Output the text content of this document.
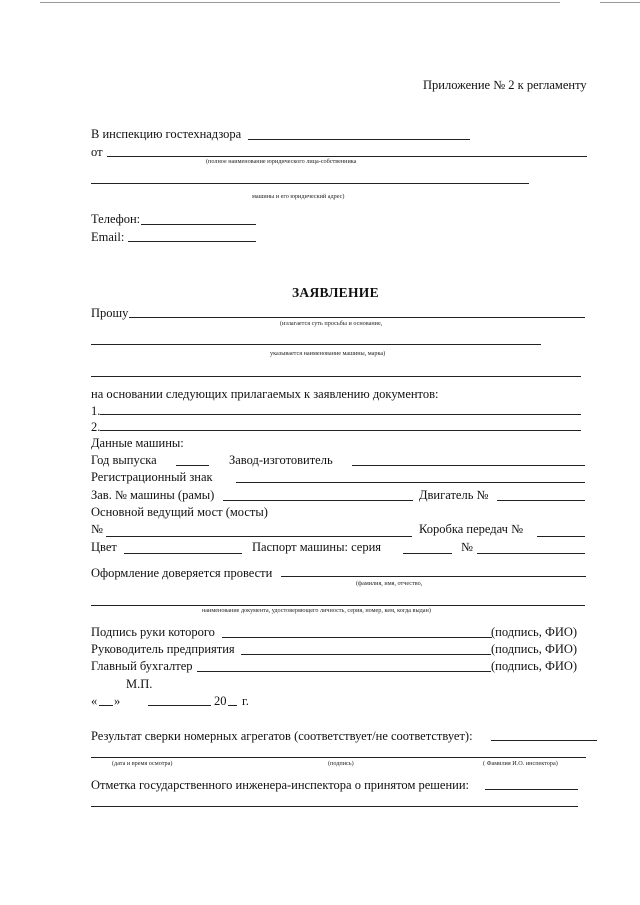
Приложение № 2 к регламенту
В инспекцию гостехнадзора
от
(полное наименование юридического лица-собственника
машины и его юридический адрес)
Телефон:
Email:
ЗАЯВЛЕНИЕ
Прошу
(излагается суть просьбы и основание,
указывается наименование машины, марка)
на основании следующих прилагаемых к заявлению документов:
1.
2.
Данные машины:
Год выпуска	Завод-изготовитель
Регистрационный знак
Зав. № машины (рамы)	Двигатель №
Основной ведущий мост (мосты)
№	Коробка передач №
Цвет	Паспорт машины: серия	№
Оформление доверяется провести
(фамилия, имя, отчество,
наименование документа, удостоверяющего личность, серия, номер, кем, когда выдан)
Подпись руки которого	(подпись, ФИО)
Руководитель предприятия	(подпись, ФИО)
Главный бухгалтер	(подпись, ФИО)
М.П.
« »	20 г.
Результат сверки номерных агрегатов (соответствует/не соответствует):
(дата и время осмотра)	(подпись)	( Фамилия И.О. инспектора)
Отметка государственного инженера-инспектора о принятом решении:
